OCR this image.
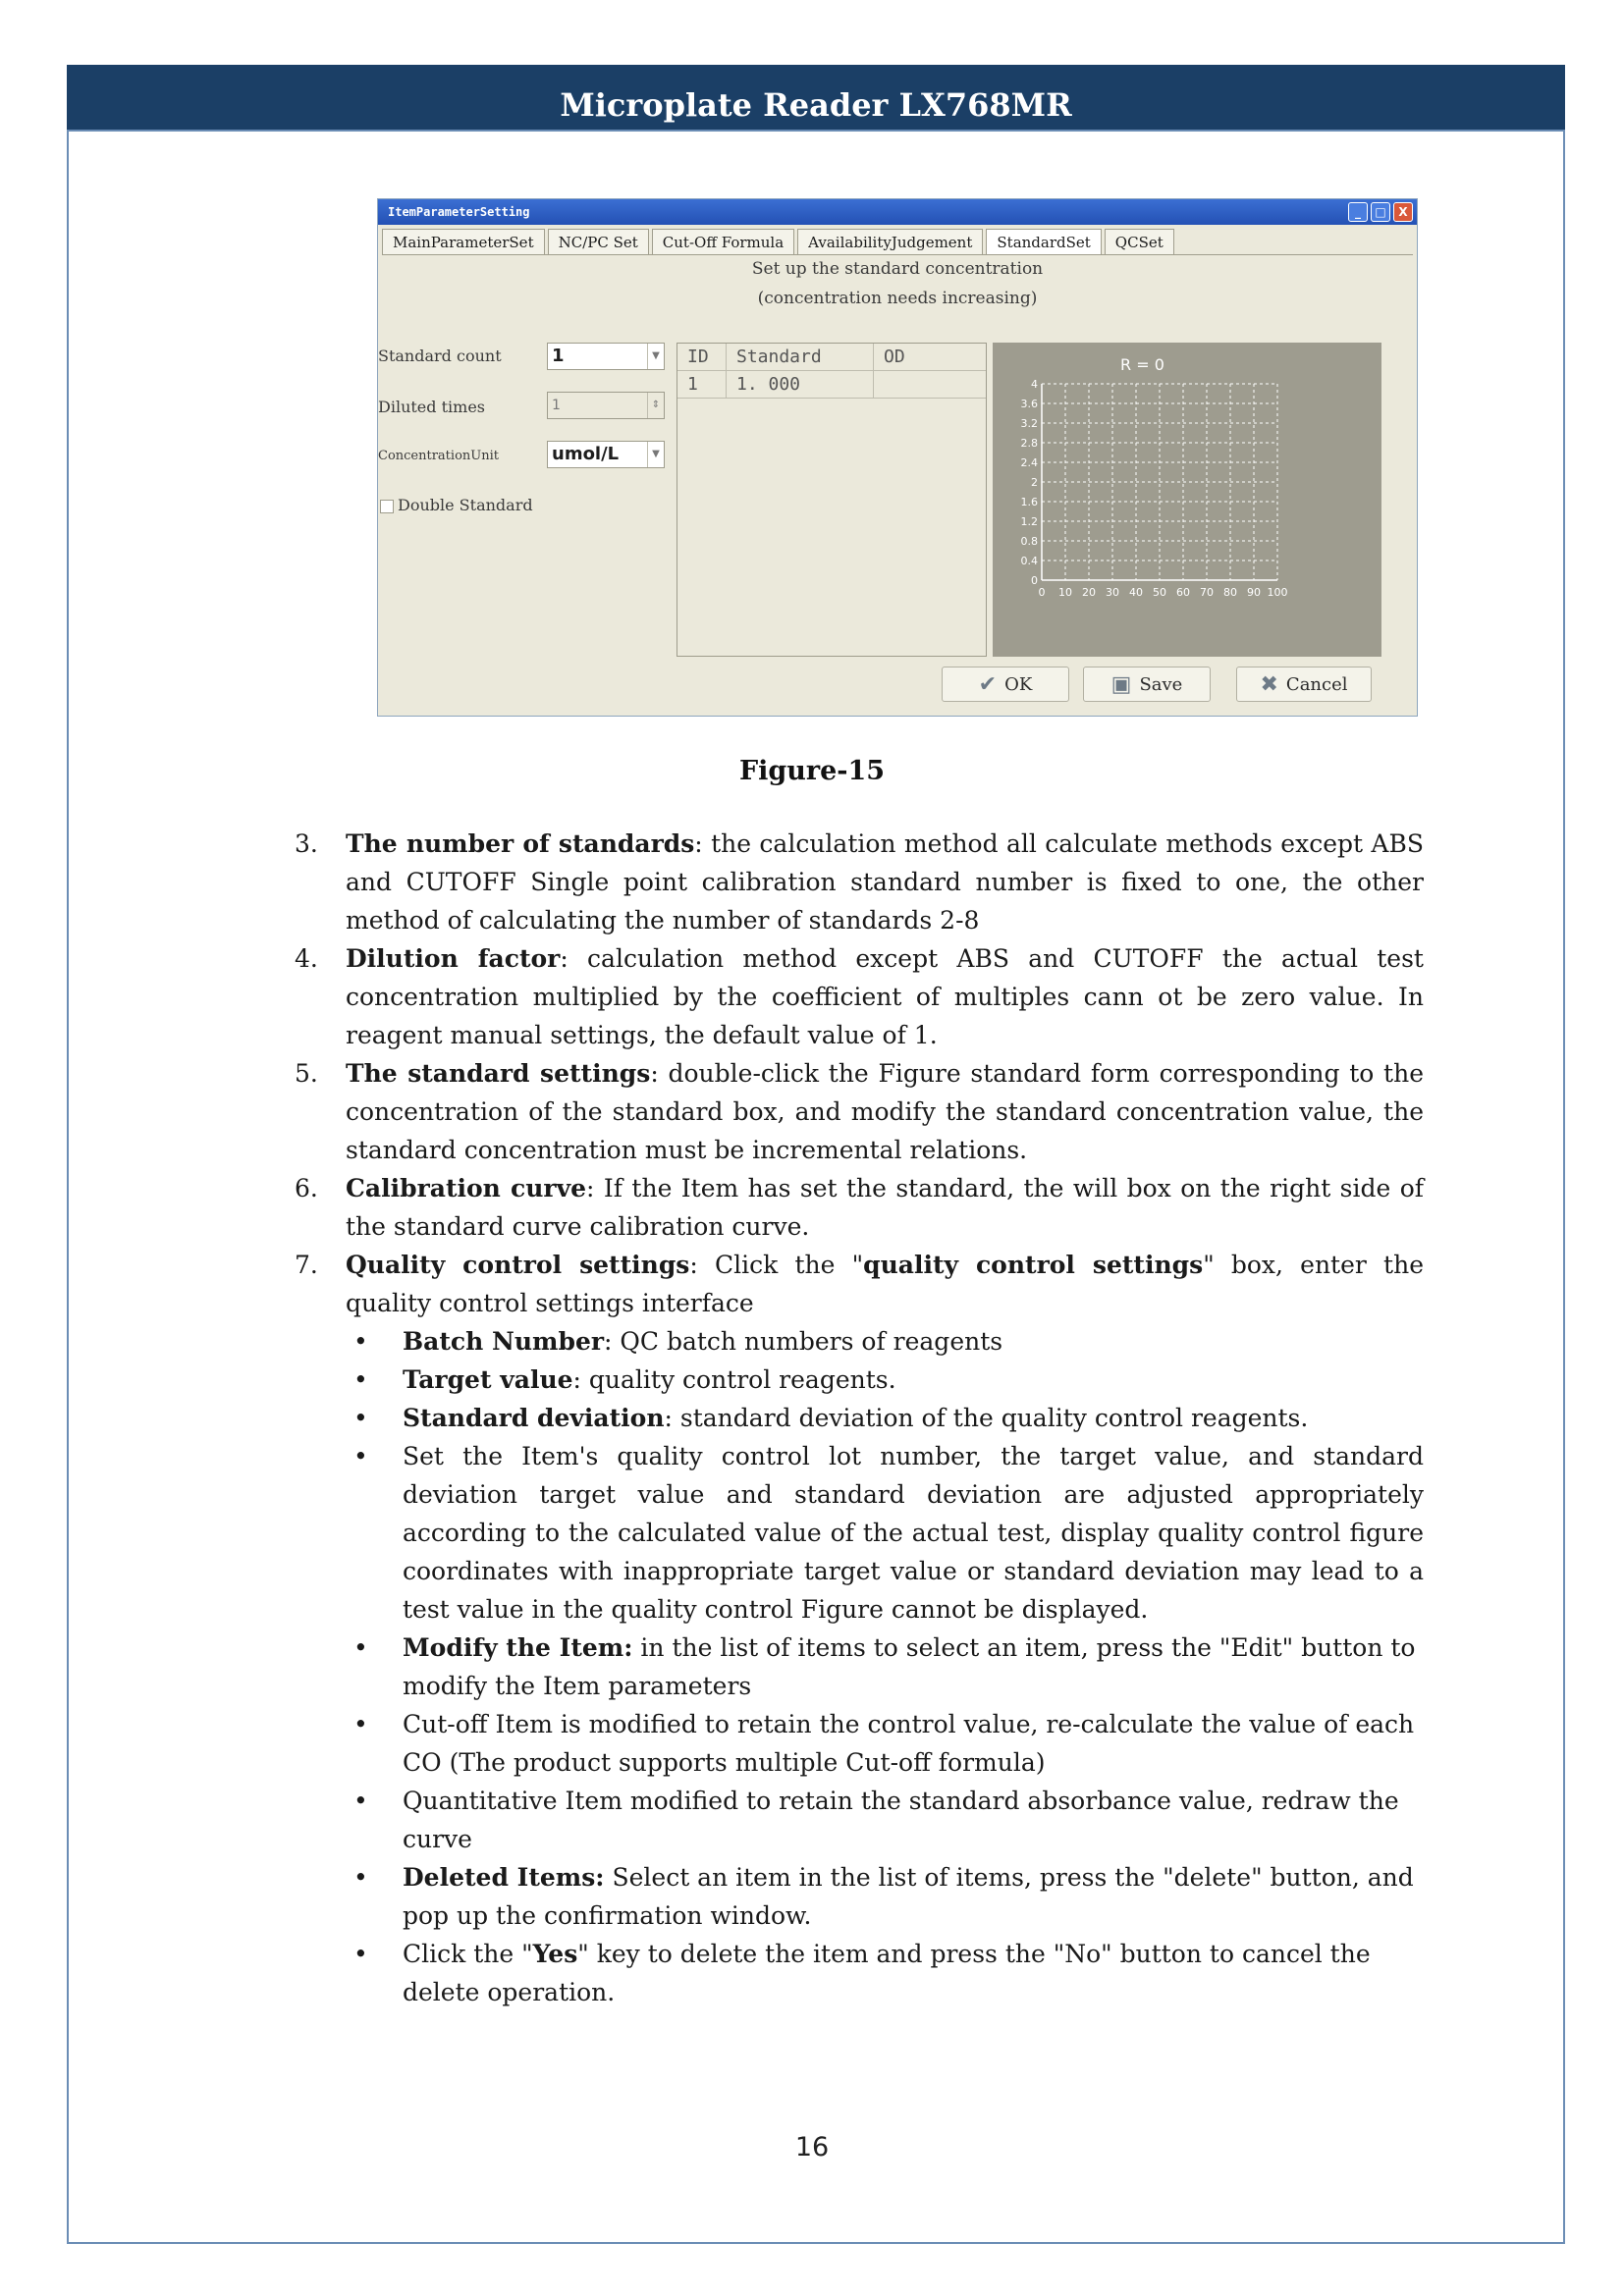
Microplate Reader LX768MR
ItemParameterSetting	_	□	X
MainParameterSet	NC/PC Set	Cut-Off Formula	AvailabilityJudgement	StandardSet	QCSet
Set up the standard concentration
(concentration needs increasing)
Standard count	1	▼
Diluted times	1	⇕
ConcentrationUnit	umol/L	▼
Double Standard
ID	Standard	OD
1	1. 000
R = 0
0
0.4
0.8
1.2
1.6
2
2.4
2.8
3.2
3.6
4
0 10 20 30 40 50 60 70 80 90 100
✔ OK	▣ Save	✖ Cancel
Figure-15
3. The number of standards: the calculation method all calculate methods except ABS and CUTOFF Single point calibration standard number is fixed to one, the other method of calculating the number of standards 2-8

4. Dilution factor: calculation method except ABS and CUTOFF the actual test concentration multiplied by the coefficient of multiples cann ot be zero value. In reagent manual settings, the default value of 1.

5. The standard settings: double-click the Figure standard form corresponding to the concentration of the standard box, and modify the standard concentration value, the standard concentration must be incremental relations.

6. Calibration curve: If the Item has set the standard, the will box on the right side of the standard curve calibration curve.

7. Quality control settings: Click the "quality control settings" box, enter the quality control settings interface

• Batch Number: QC batch numbers of reagents

• Target value: quality control reagents.

• Standard deviation: standard deviation of the quality control reagents.

• Set the Item's quality control lot number, the target value, and standard deviation target value and standard deviation are adjusted appropriately according to the calculated value of the actual test, display quality control figure coordinates with inappropriate target value or standard deviation may lead to a test value in the quality control Figure cannot be displayed.

• Modify the Item: in the list of items to select an item, press the "Edit" button to modify the Item parameters

• Cut-off Item is modified to retain the control value, re-calculate the value of each CO (The product supports multiple Cut-off formula)

• Quantitative Item modified to retain the standard absorbance value, redraw the curve

• Deleted Items: Select an item in the list of items, press the "delete" button, and pop up the confirmation window.

• Click the "Yes" key to delete the item and press the "No" button to cancel the delete operation.

16
